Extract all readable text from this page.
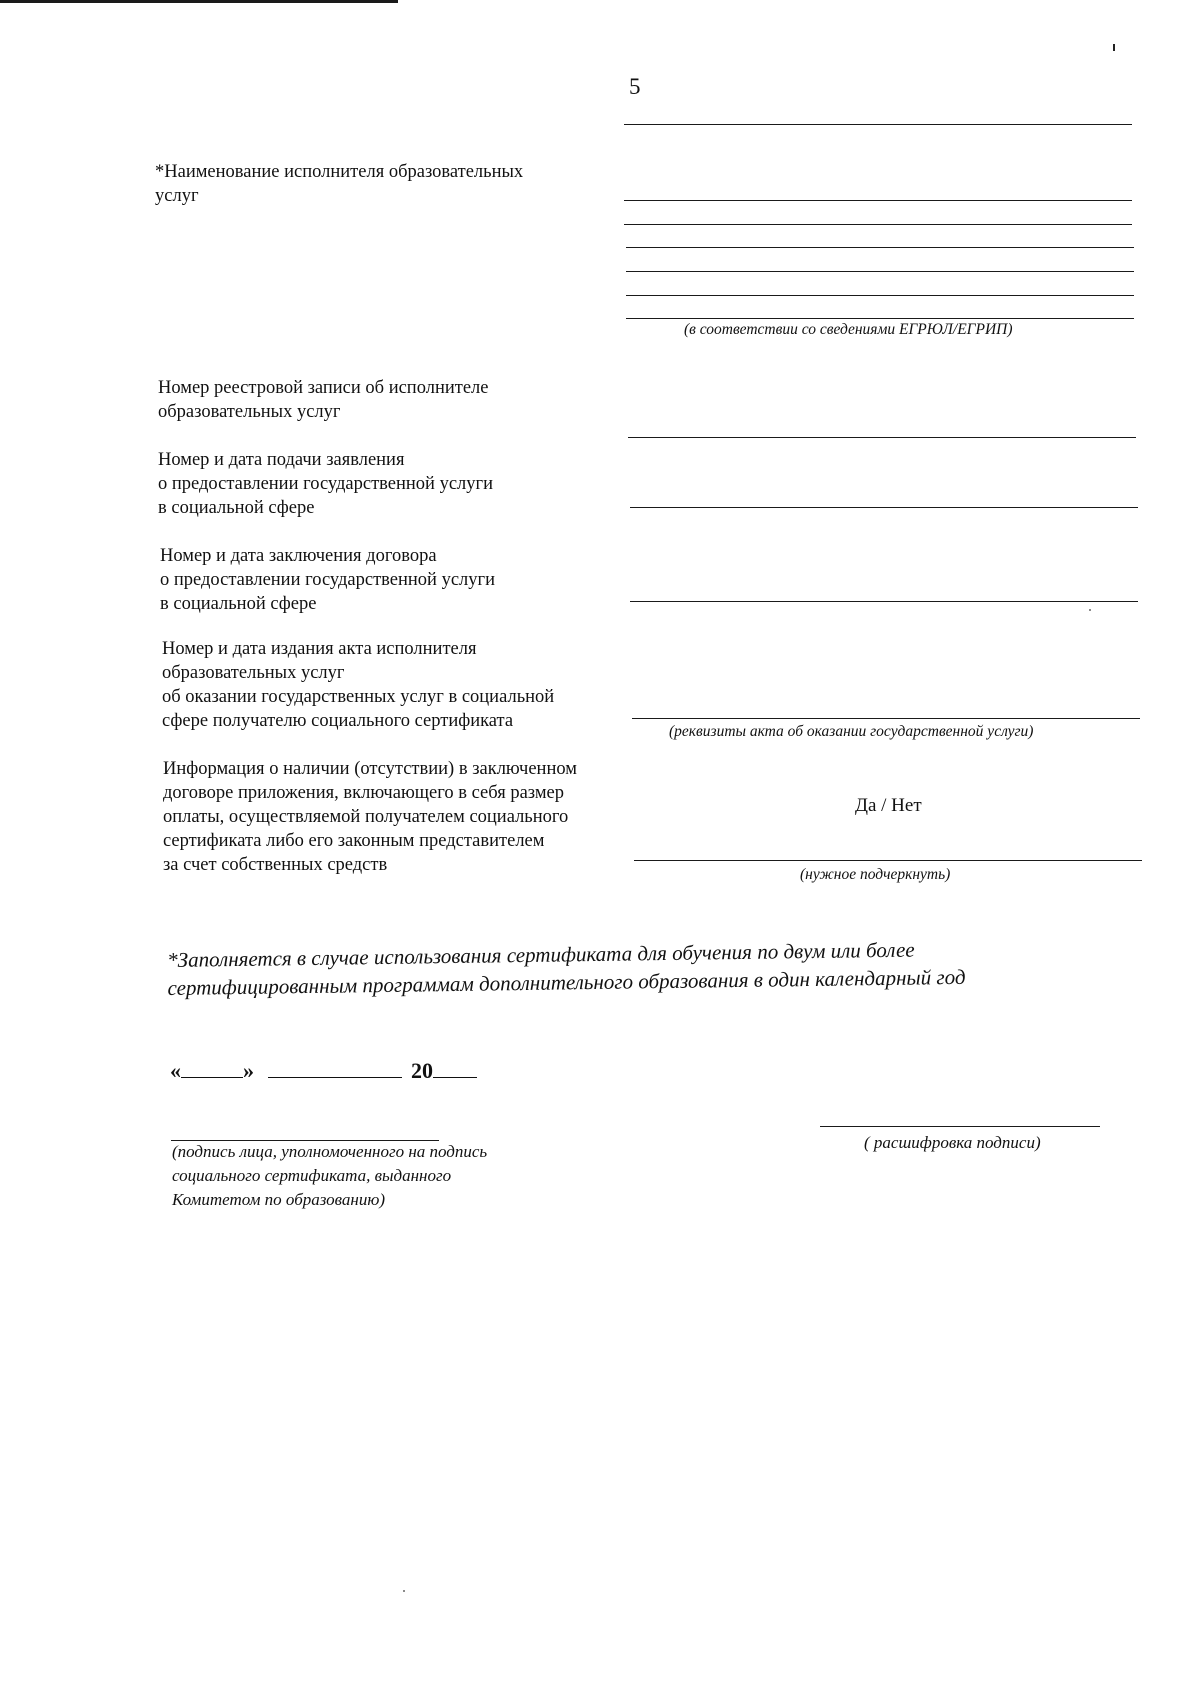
5
*Наименование исполнителя образовательных
услуг
(в соответствии со сведениями ЕГРЮЛ/ЕГРИП)
Номер реестровой записи об исполнителе
образовательных услуг
Номер и дата подачи заявления
о предоставлении государственной услуги
в социальной сфере
Номер и дата заключения договора
о предоставлении государственной услуги
в социальной сфере
Номер и дата издания акта исполнителя
образовательных услуг
об оказании государственных услуг в социальной
сфере получателю социального сертификата
(реквизиты акта об оказании государственной услуги)
Информация о наличии (отсутствии) в заключенном
договоре приложения, включающего в себя размер
оплаты, осуществляемой получателем социального
сертификата либо его законным представителем
за счет собственных средств
Да / Нет
(нужное подчеркнуть)
*Заполняется в случае использования сертификата для обучения по двум или более
сертифицированным программам дополнительного образования в один календарный год
«	»	20
(подпись лица, уполномоченного на подпись
социального сертификата, выданного
Комитетом по образованию)
( расшифровка подписи)
